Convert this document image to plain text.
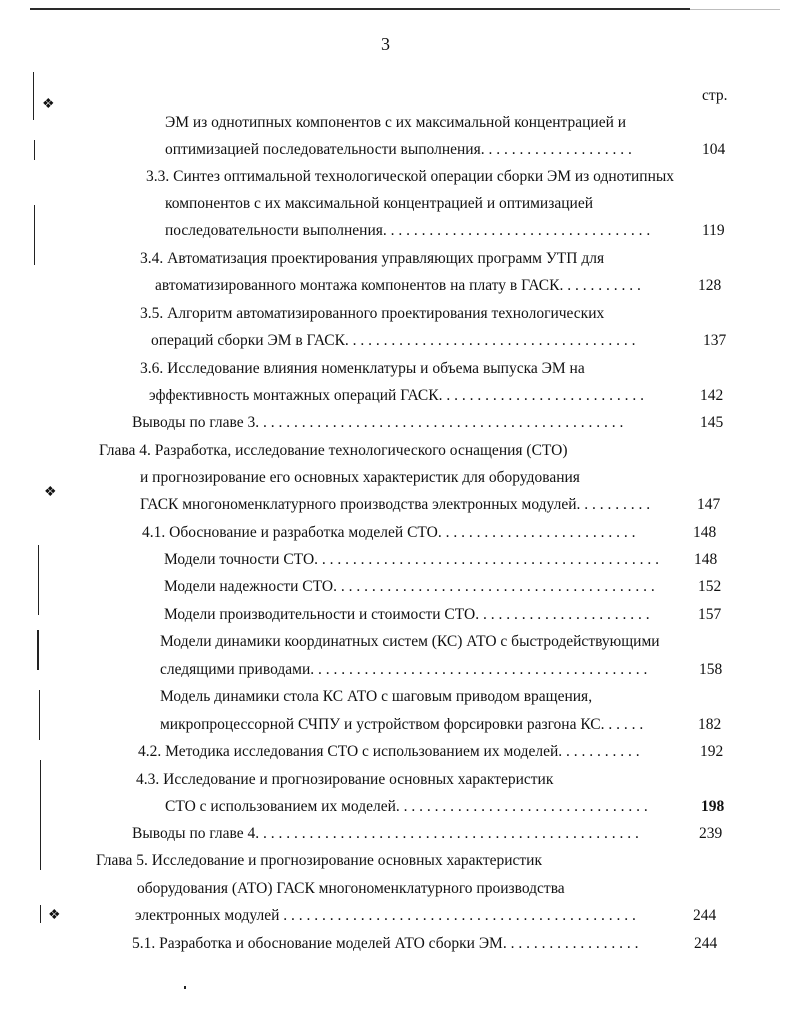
3
стр.
❖
❖
❖
ЭМ из однотипных компонентов с их максимальной концентрацией и
оптимизацией последовательности выполнения. . . . . . . . . . . . . . . . . . . .	104
3.3. Синтез оптимальной технологической операции сборки ЭМ из однотипных
компонентов с их максимальной концентрацией и оптимизацией
последовательности выполнения. . . . . . . . . . . . . . . . . . . . . . . . . . . . . . . . . . .	119
3.4. Автоматизация проектирования управляющих программ УТП для
автоматизированного монтажа компонентов на плату в ГАСК. . . . . . . . . . .	128
3.5. Алгоритм автоматизированного проектирования технологических
операций сборки ЭМ в ГАСК. . . . . . . . . . . . . . . . . . . . . . . . . . . . . . . . . . . . . .	137
3.6. Исследование влияния номенклатуры и объема выпуска ЭМ на
эффективность монтажных операций ГАСК. . . . . . . . . . . . . . . . . . . . . . . . . . .	142
Выводы по главе 3. . . . . . . . . . . . . . . . . . . . . . . . . . . . . . . . . . . . . . . . . . . . . . . .	145
Глава 4. Разработка, исследование технологического оснащения (СТО)
и прогнозирование его основных характеристик для оборудования
ГАСК многономенклатурного производства электронных модулей. . . . . . . . . .	147
4.1. Обоснование и разработка моделей СТО. . . . . . . . . . . . . . . . . . . . . . . . . .	148
Модели точности СТО. . . . . . . . . . . . . . . . . . . . . . . . . . . . . . . . . . . . . . . . . . . . . 148
Модели надежности СТО. . . . . . . . . . . . . . . . . . . . . . . . . . . . . . . . . . . . . . . . . .	152
Модели производительности и стоимости СТО. . . . . . . . . . . . . . . . . . . . . . .	157
Модели динамики координатных систем (КС) АТО с быстродействующими
следящими приводами. . . . . . . . . . . . . . . . . . . . . . . . . . . . . . . . . . . . . . . . . . . .	158
Модель динамики стола КС АТО с шаговым приводом вращения,
микропроцессорной СЧПУ и устройством форсировки разгона КС. . . . . .	182
4.2. Методика исследования СТО с использованием их моделей. . . . . . . . . . .	192
4.3. Исследование и прогнозирование основных характеристик
СТО с использованием их моделей. . . . . . . . . . . . . . . . . . . . . . . . . . . . . . . . .	198
Выводы по главе 4. . . . . . . . . . . . . . . . . . . . . . . . . . . . . . . . . . . . . . . . . . . . . . . . . .	239
Глава 5. Исследование и прогнозирование основных характеристик
оборудования (АТО) ГАСК многономенклатурного производства
электронных модулей . . . . . . . . . . . . . . . . . . . . . . . . . . . . . . . . . . . . . . . . . . . . . .	244
5.1. Разработка и обоснование моделей АТО сборки ЭМ. . . . . . . . . . . . . . . . . .	244
